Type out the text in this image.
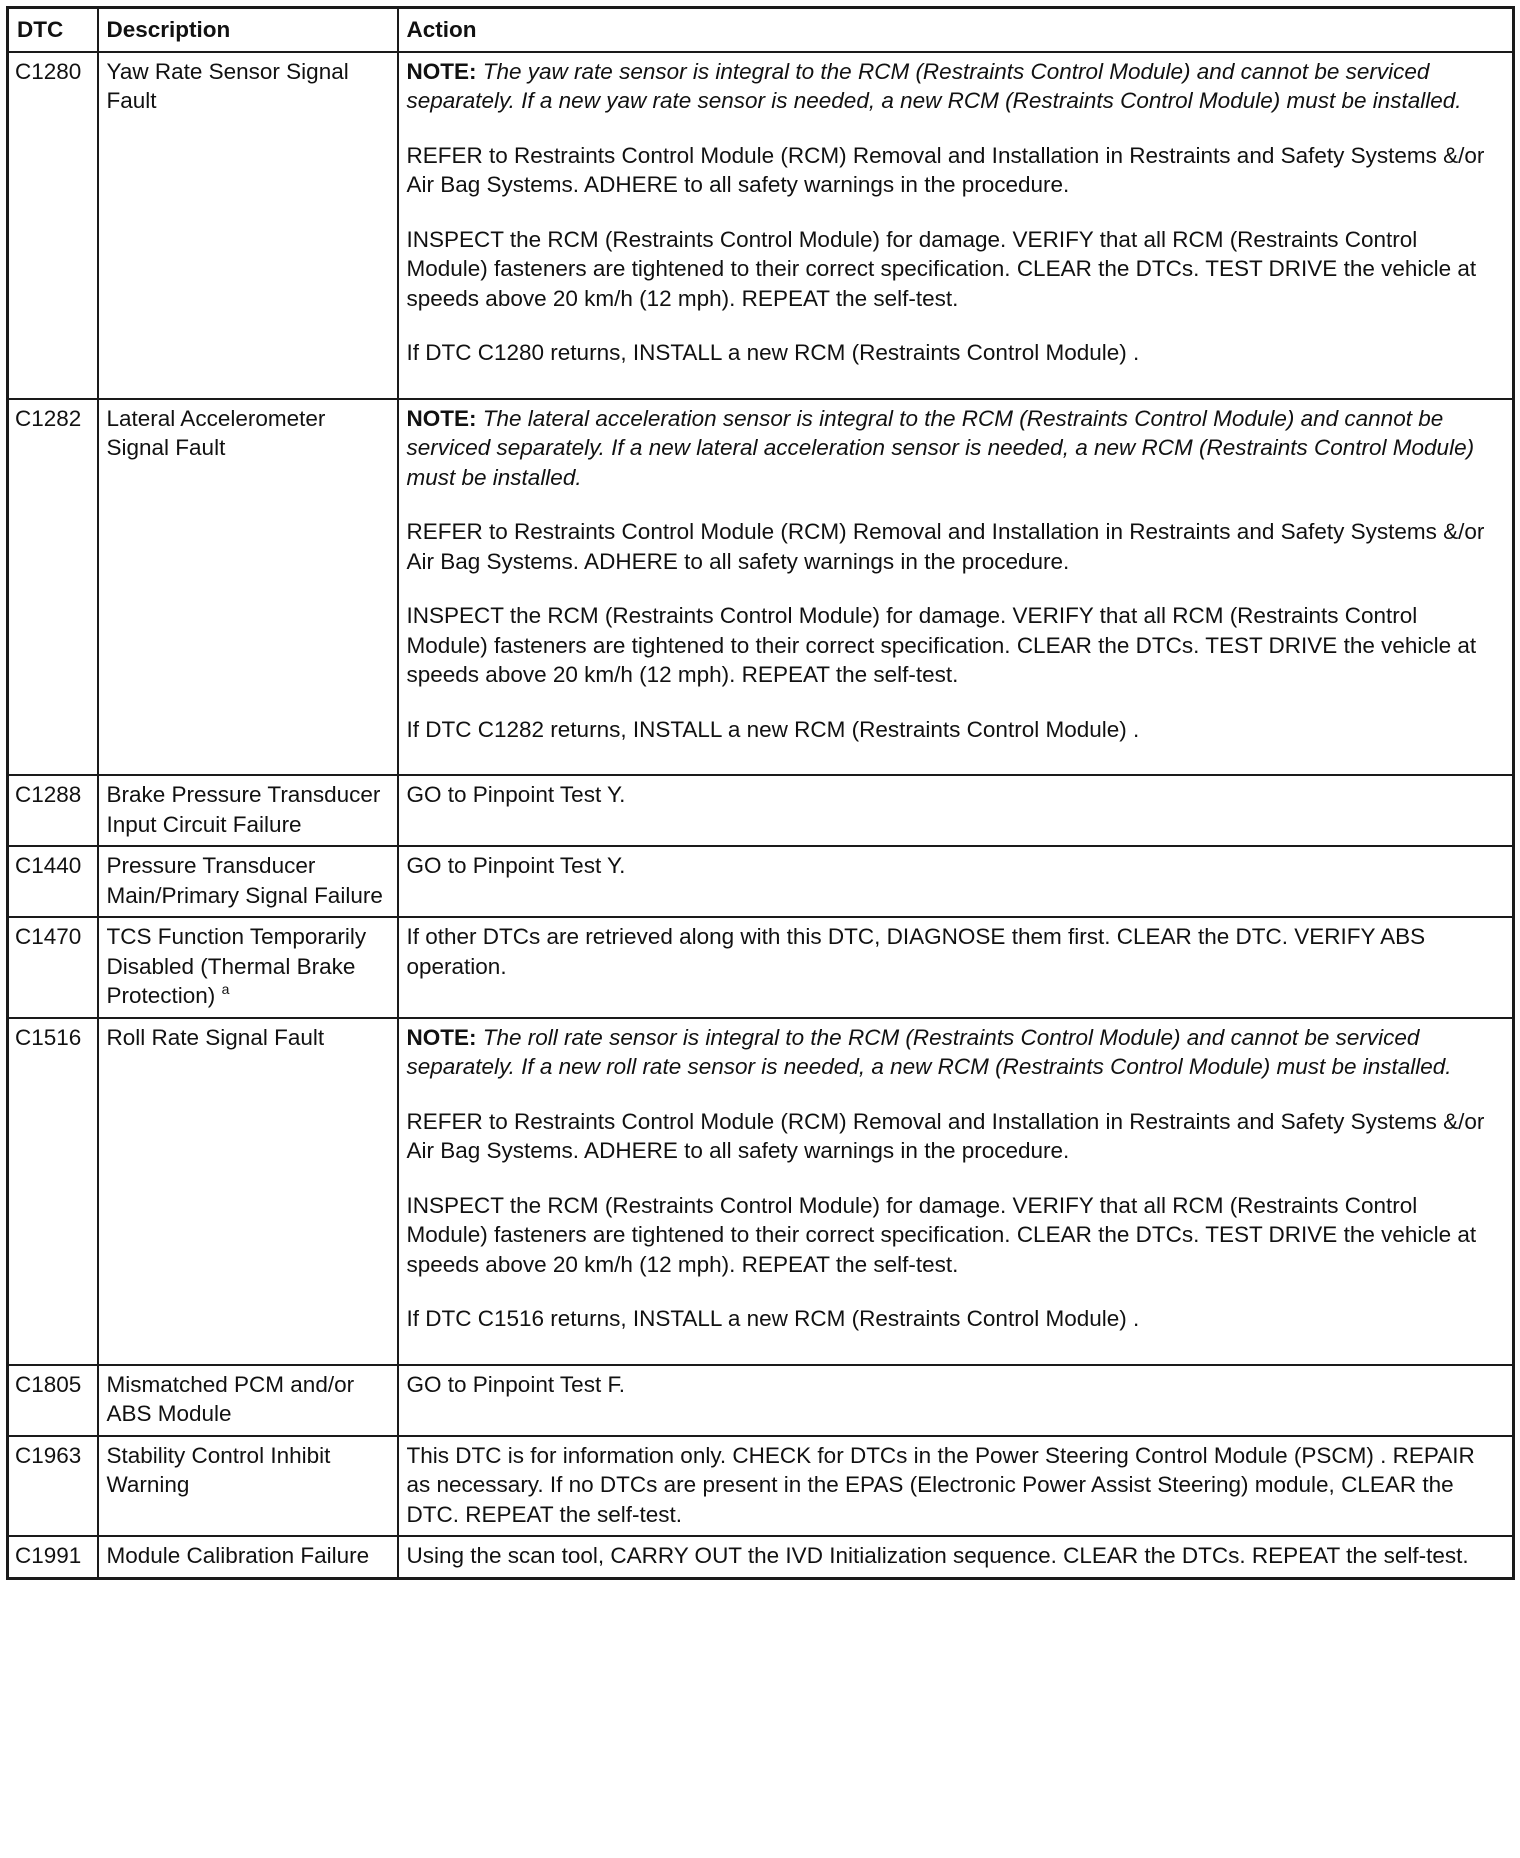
DTC	Description	Action
C1280	Yaw Rate Sensor Signal Fault	NOTE: The yaw rate sensor is integral to the RCM (Restraints Control Module) and cannot be serviced separately. If a new yaw rate sensor is needed, a new RCM (Restraints Control Module) must be installed.

REFER to Restraints Control Module (RCM) Removal and Installation in Restraints and Safety Systems &/or Air Bag Systems. ADHERE to all safety warnings in the procedure.

INSPECT the RCM (Restraints Control Module) for damage. VERIFY that all RCM (Restraints Control Module) fasteners are tightened to their correct specification. CLEAR the DTCs. TEST DRIVE the vehicle at speeds above 20 km/h (12 mph). REPEAT the self-test.

If DTC C1280 returns, INSTALL a new RCM (Restraints Control Module) .

C1282	Lateral Accelerometer Signal Fault	NOTE: The lateral acceleration sensor is integral to the RCM (Restraints Control Module) and cannot be serviced separately. If a new lateral acceleration sensor is needed, a new RCM (Restraints Control Module) must be installed.

REFER to Restraints Control Module (RCM) Removal and Installation in Restraints and Safety Systems &/or Air Bag Systems. ADHERE to all safety warnings in the procedure.

INSPECT the RCM (Restraints Control Module) for damage. VERIFY that all RCM (Restraints Control Module) fasteners are tightened to their correct specification. CLEAR the DTCs. TEST DRIVE the vehicle at speeds above 20 km/h (12 mph). REPEAT the self-test.

If DTC C1282 returns, INSTALL a new RCM (Restraints Control Module) .

C1288	Brake Pressure Transducer Input Circuit Failure	GO to Pinpoint Test Y.

C1440	Pressure Transducer Main/Primary Signal Failure	GO to Pinpoint Test Y.

C1470	TCS Function Temporarily Disabled (Thermal Brake Protection) $^a$	If other DTCs are retrieved along with this DTC, DIAGNOSE them first. CLEAR the DTC. VERIFY ABS operation.

C1516	Roll Rate Signal Fault	NOTE: The roll rate sensor is integral to the RCM (Restraints Control Module) and cannot be serviced separately. If a new roll rate sensor is needed, a new RCM (Restraints Control Module) must be installed.

REFER to Restraints Control Module (RCM) Removal and Installation in Restraints and Safety Systems &/or Air Bag Systems. ADHERE to all safety warnings in the procedure.

INSPECT the RCM (Restraints Control Module) for damage. VERIFY that all RCM (Restraints Control Module) fasteners are tightened to their correct specification. CLEAR the DTCs. TEST DRIVE the vehicle at speeds above 20 km/h (12 mph). REPEAT the self-test.

If DTC C1516 returns, INSTALL a new RCM (Restraints Control Module) .

C1805	Mismatched PCM and/or ABS Module	GO to Pinpoint Test F.

C1963	Stability Control Inhibit Warning	This DTC is for information only. CHECK for DTCs in the Power Steering Control Module (PSCM) . REPAIR as necessary. If no DTCs are present in the EPAS (Electronic Power Assist Steering) module, CLEAR the DTC. REPEAT the self-test.

C1991	Module Calibration Failure	Using the scan tool, CARRY OUT the IVD Initialization sequence. CLEAR the DTCs. REPEAT the self-test.
